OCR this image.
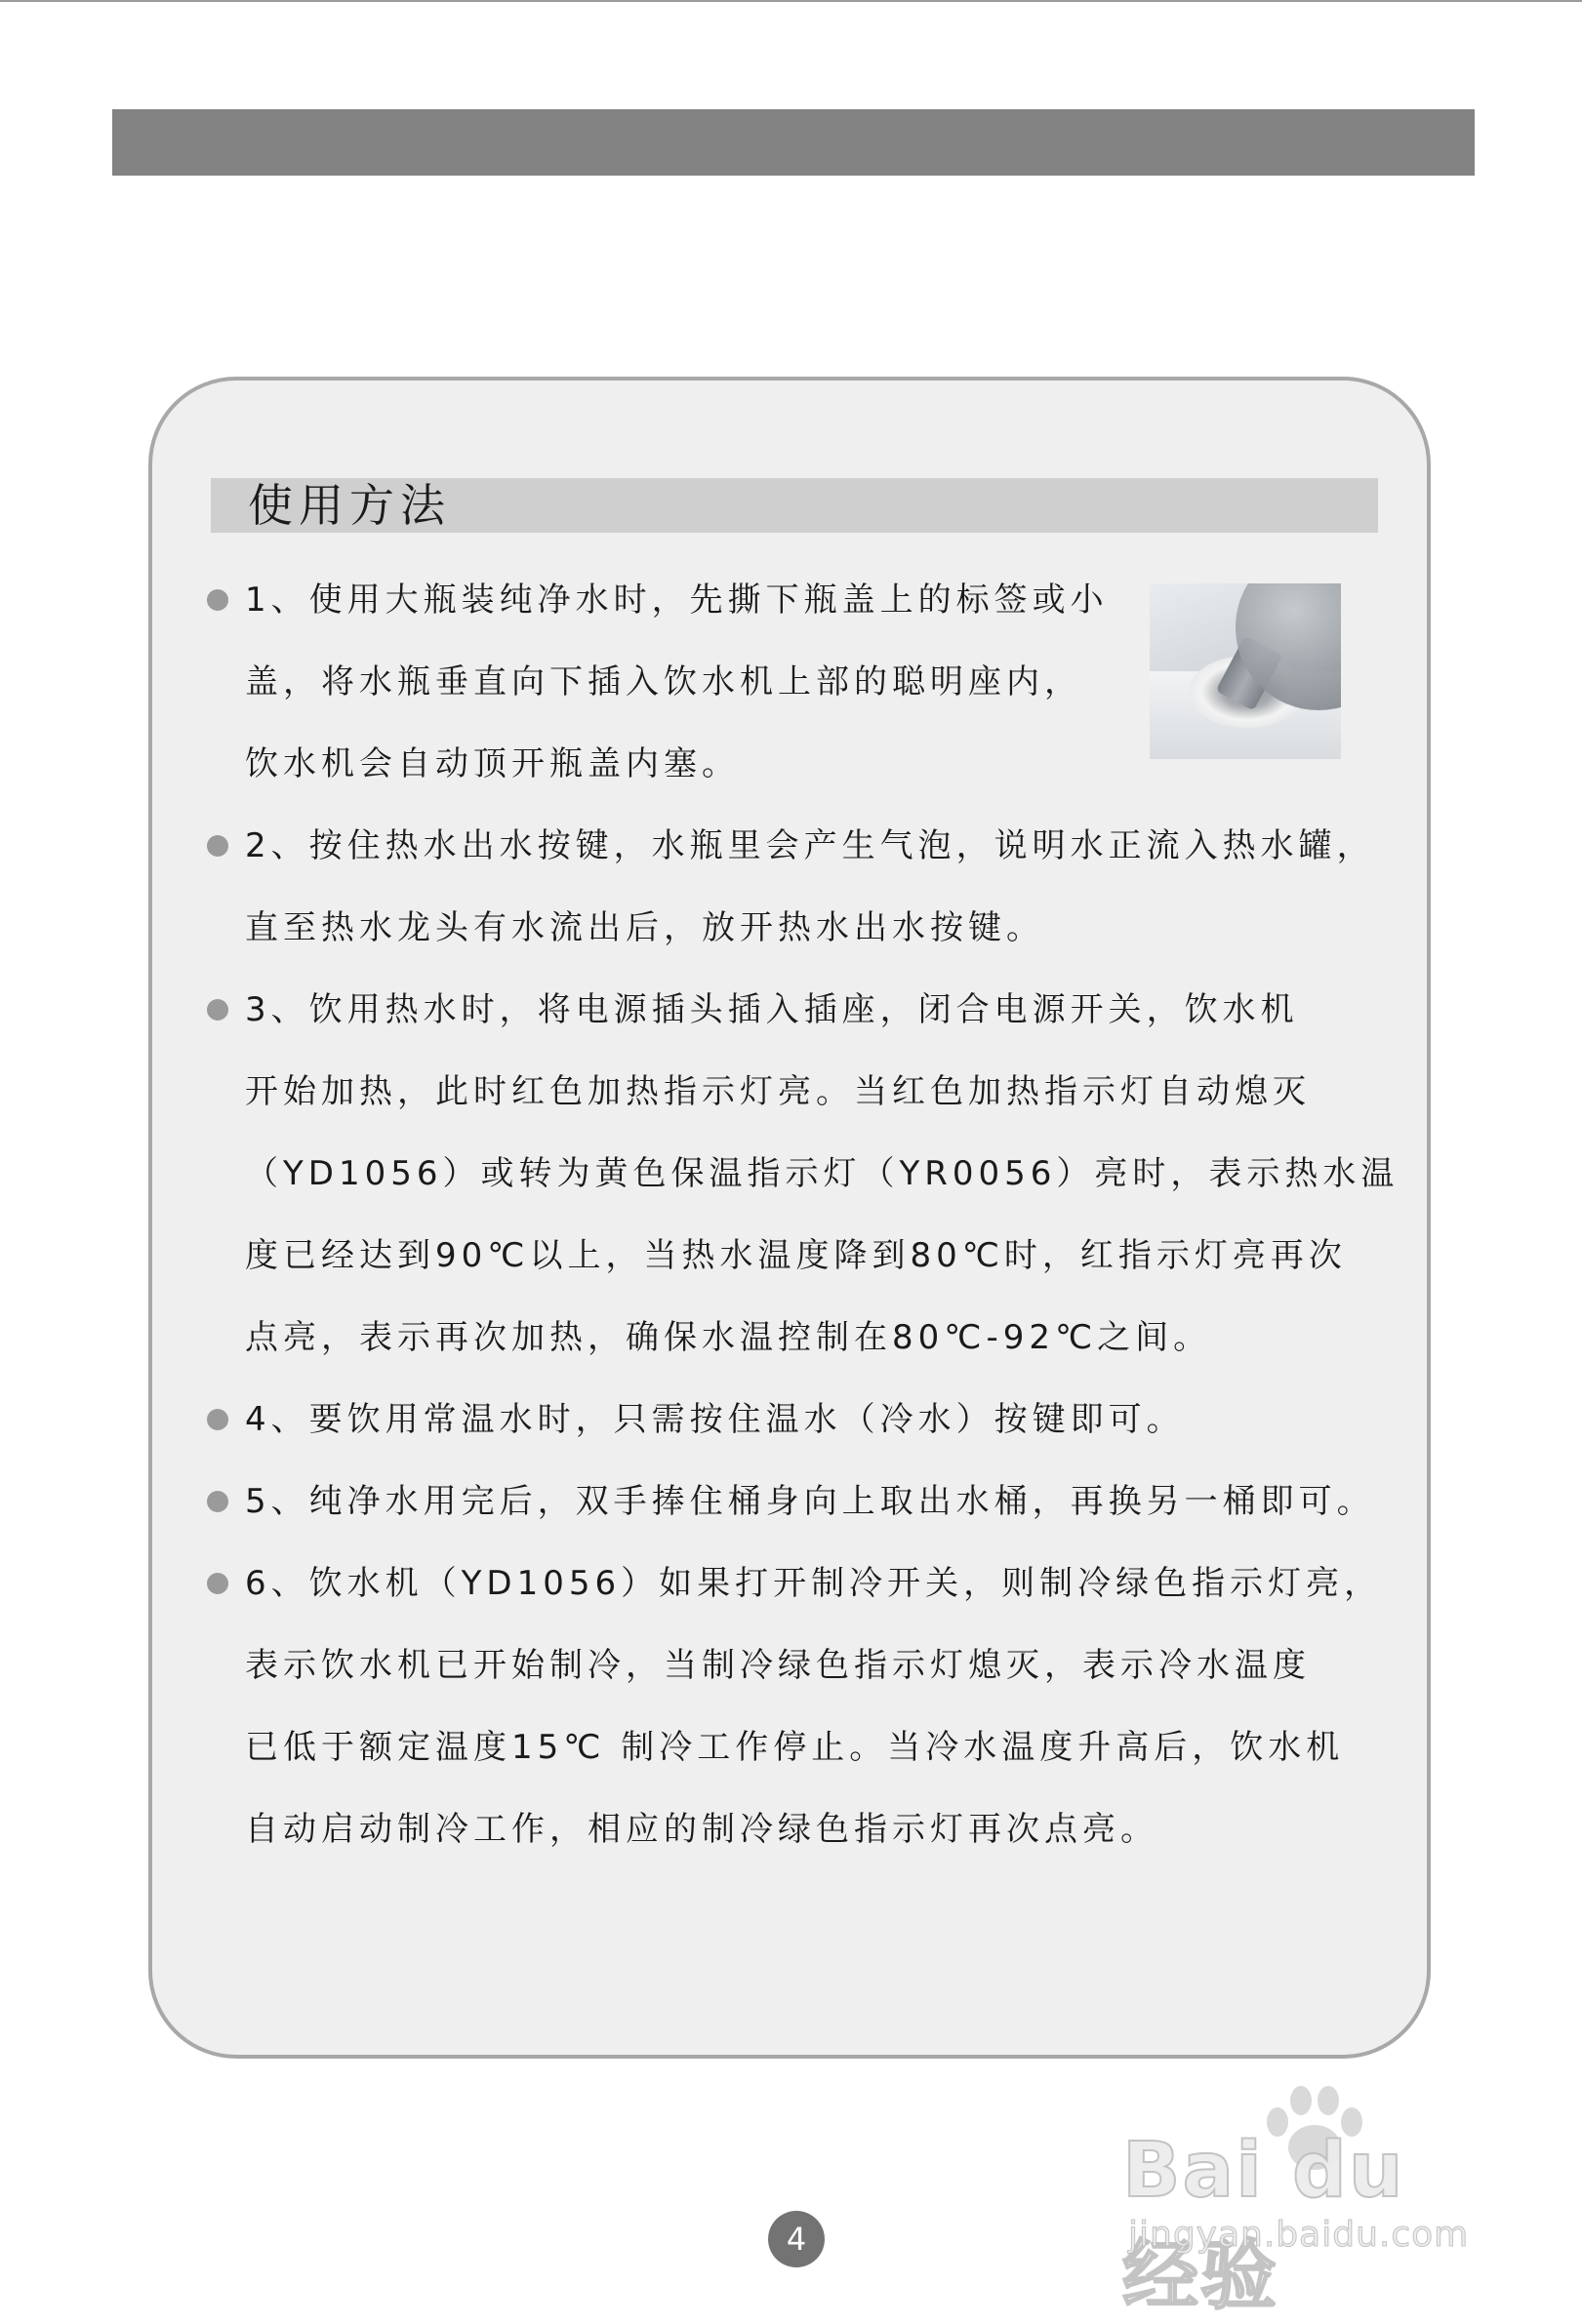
使用方法
1、使用大瓶装纯净水时，先撕下瓶盖上的标签或小
盖，将水瓶垂直向下插入饮水机上部的聪明座内，
饮水机会自动顶开瓶盖内塞。
2、按住热水出水按键，水瓶里会产生气泡，说明水正流入热水罐，
直至热水龙头有水流出后，放开热水出水按键。
3、饮用热水时，将电源插头插入插座，闭合电源开关，饮水机
开始加热，此时红色加热指示灯亮。当红色加热指示灯自动熄灭
（YD1056）或转为黄色保温指示灯（YR0056）亮时，表示热水温
度已经达到90℃以上，当热水温度降到80℃时，红指示灯亮再次
点亮，表示再次加热，确保水温控制在80℃-92℃之间。
4、要饮用常温水时，只需按住温水（冷水）按键即可。
5、纯净水用完后，双手捧住桶身向上取出水桶，再换另一桶即可。
6、饮水机（YD1056）如果打开制冷开关，则制冷绿色指示灯亮，
表示饮水机已开始制冷，当制冷绿色指示灯熄灭，表示冷水温度
已低于额定温度15℃ 制冷工作停止。当冷水温度升高后，饮水机
自动启动制冷工作，相应的制冷绿色指示灯再次点亮。
Bai du 经验
jingyan.baidu.com
4
